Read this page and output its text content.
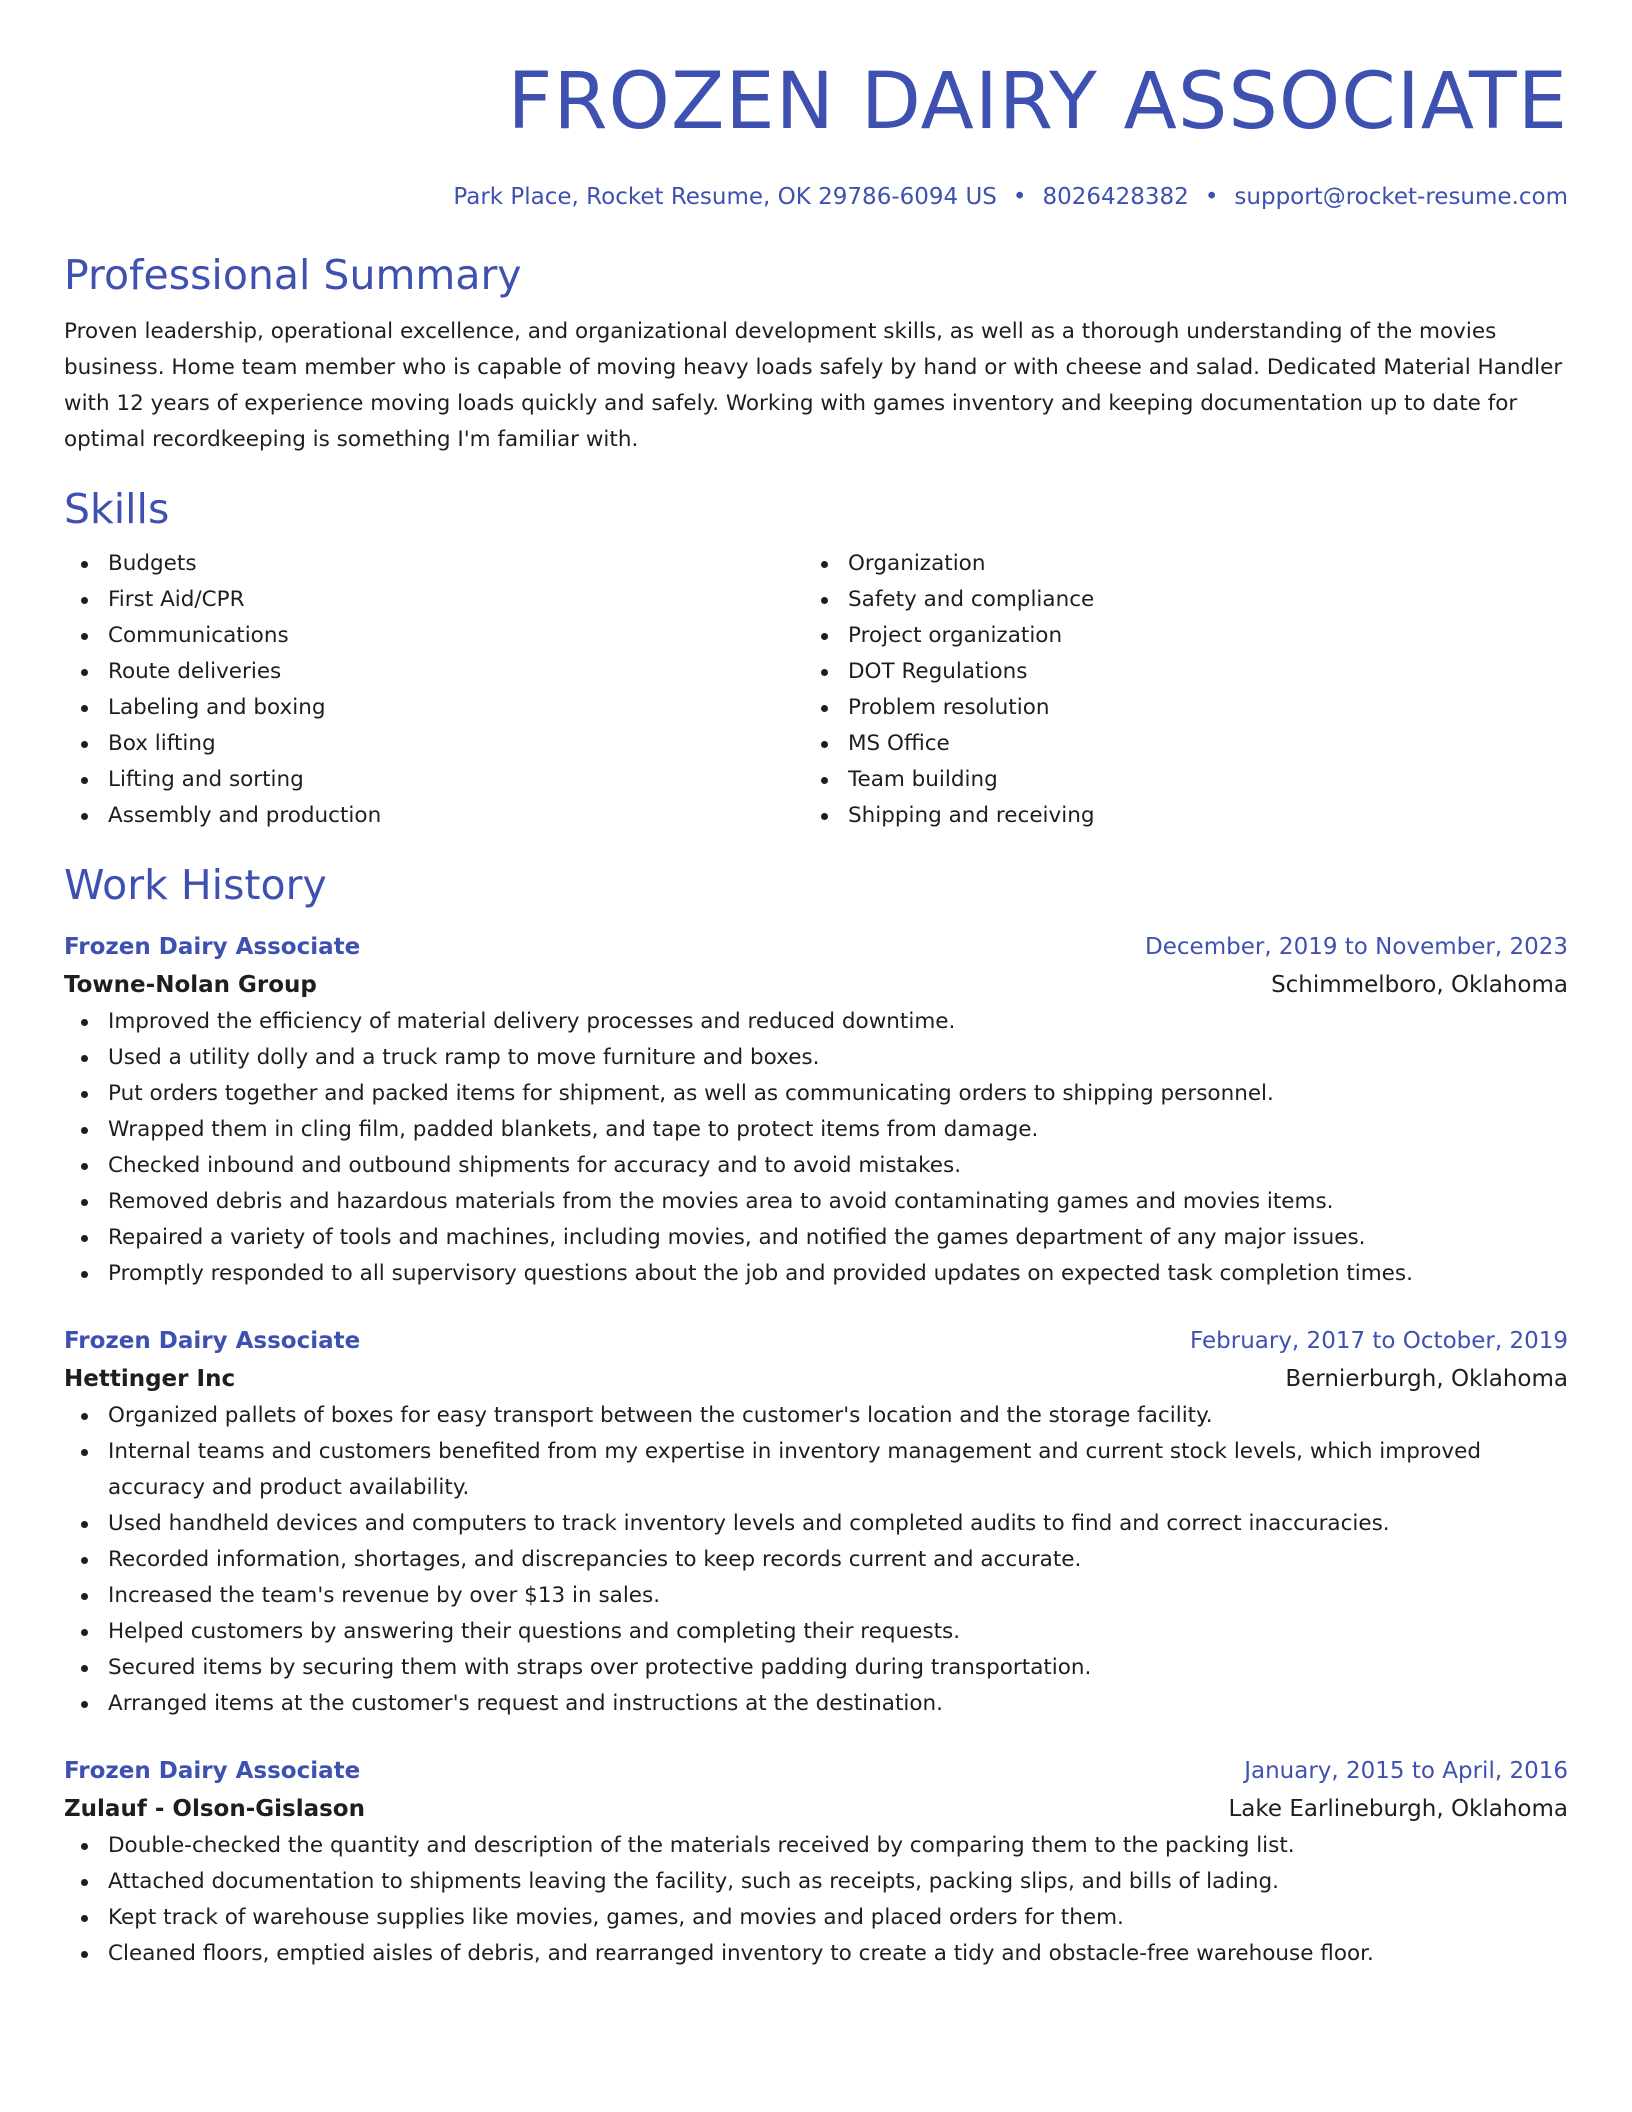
FROZEN DAIRY ASSOCIATE
Park Place, Rocket Resume, OK 29786-6094 US • 8026428382 • support@rocket-resume.com
Professional Summary
Proven leadership, operational excellence, and organizational development skills, as well as a thorough understanding of the movies business. Home team member who is capable of moving heavy loads safely by hand or with cheese and salad. Dedicated Material Handler with 12 years of experience moving loads quickly and safely. Working with games inventory and keeping documentation up to date for optimal recordkeeping is something I'm familiar with.
Skills
Budgets
First Aid/CPR
Communications
Route deliveries
Labeling and boxing
Box lifting
Lifting and sorting
Assembly and production
Organization
Safety and compliance
Project organization
DOT Regulations
Problem resolution
MS Office
Team building
Shipping and receiving
Work History
Frozen Dairy Associate	December, 2019 to November, 2023
Towne-Nolan Group	Schimmelboro, Oklahoma
Improved the efficiency of material delivery processes and reduced downtime.
Used a utility dolly and a truck ramp to move furniture and boxes.
Put orders together and packed items for shipment, as well as communicating orders to shipping personnel.
Wrapped them in cling film, padded blankets, and tape to protect items from damage.
Checked inbound and outbound shipments for accuracy and to avoid mistakes.
Removed debris and hazardous materials from the movies area to avoid contaminating games and movies items.
Repaired a variety of tools and machines, including movies, and notified the games department of any major issues.
Promptly responded to all supervisory questions about the job and provided updates on expected task completion times.
Frozen Dairy Associate	February, 2017 to October, 2019
Hettinger Inc	Bernierburgh, Oklahoma
Organized pallets of boxes for easy transport between the customer's location and the storage facility.
Internal teams and customers benefited from my expertise in inventory management and current stock levels, which improved accuracy and product availability.
Used handheld devices and computers to track inventory levels and completed audits to find and correct inaccuracies.
Recorded information, shortages, and discrepancies to keep records current and accurate.
Increased the team's revenue by over $13 in sales.
Helped customers by answering their questions and completing their requests.
Secured items by securing them with straps over protective padding during transportation.
Arranged items at the customer's request and instructions at the destination.
Frozen Dairy Associate	January, 2015 to April, 2016
Zulauf - Olson-Gislason	Lake Earlineburgh, Oklahoma
Double-checked the quantity and description of the materials received by comparing them to the packing list.
Attached documentation to shipments leaving the facility, such as receipts, packing slips, and bills of lading.
Kept track of warehouse supplies like movies, games, and movies and placed orders for them.
Cleaned floors, emptied aisles of debris, and rearranged inventory to create a tidy and obstacle-free warehouse floor.
